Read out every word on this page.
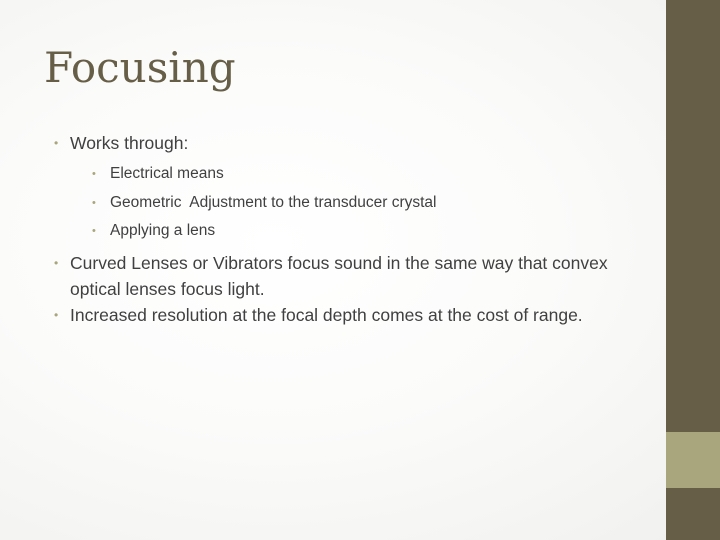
Focusing
• Works through:
• Electrical means
• Geometric  Adjustment to the transducer crystal
• Applying a lens
• Curved Lenses or Vibrators focus sound in the same way that convex optical lenses focus light.
• Increased resolution at the focal depth comes at the cost of range.
